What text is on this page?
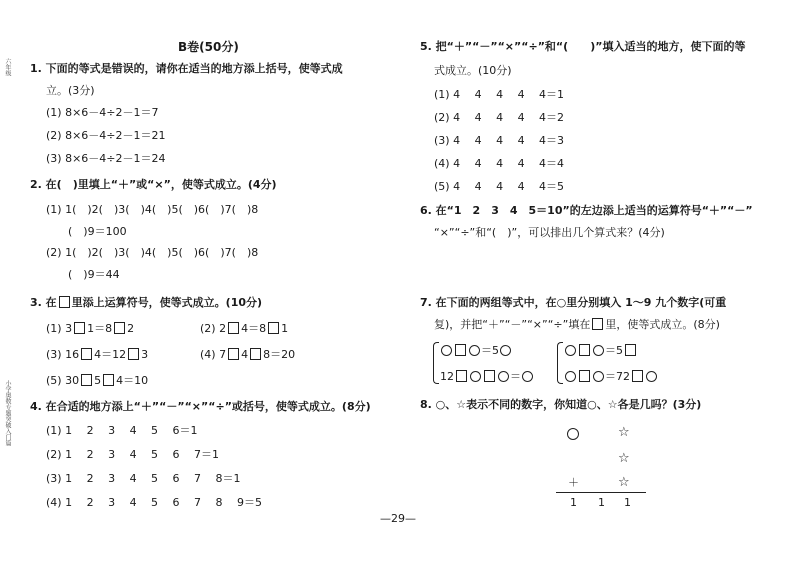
六年级
小学奥数专题突破入门篇
B卷(50分)
1. 下面的等式是错误的，请你在适当的地方添上括号，使等式成
立。(3分)
(1) 8×6－4÷2－1＝7
(2) 8×6－4÷2－1＝21
(3) 8×6－4÷2－1＝24
2. 在(　)里填上“＋”或“×”，使等式成立。(4分)
(1) 1(  )2(  )3(  )4(  )5(  )6(  )7(  )8
(  )9＝100
(2) 1(  )2(  )3(  )4(  )5(  )6(  )7(  )8
(  )9＝44
3. 在 里添上运算符号，使等式成立。(10分)
(1) 3 1＝8 2	(2) 2 4＝8 1
(3) 16 4＝12 3	(4) 7 4 8＝20
(5) 30 5 4＝10
4. 在合适的地方添上“＋”“－”“×”“÷”或括号，使等式成立。(8分)
(1) 1　 2　 3　 4　 5　 6＝1
(2) 1　 2　 3　 4　 5　 6　 7＝1
(3) 1　 2　 3　 4　 5　 6　 7　 8＝1
(4) 1　 2　 3　 4　 5　 6　 7　 8　 9＝5
5. 把“＋”“－”“×”“÷”和“(　　)”填入适当的地方，使下面的等
式成立。(10分)
(1) 4　 4　 4　 4　 4＝1
(2) 4　 4　 4　 4　 4＝2
(3) 4　 4　 4　 4　 4＝3
(4) 4　 4　 4　 4　 4＝4
(5) 4　 4　 4　 4　 4＝5
6. 在“1　2　3　4　5＝10”的左边添上适当的运算符号“＋”“－”
“×”“÷”和“(　)”，可以排出几个算式来？(4分)
7. 在下面的两组等式中，在○里分别填入 1～9 九个数字(可重
复)，并把“＋”“－”“×”“÷”填在 里，使等式成立。(8分)
＝5
12	＝
＝5
＝72
8. ○、☆表示不同的数字，你知道○、☆各是几吗？(3分)
☆
☆
＋	☆
1 1 1
—29—
